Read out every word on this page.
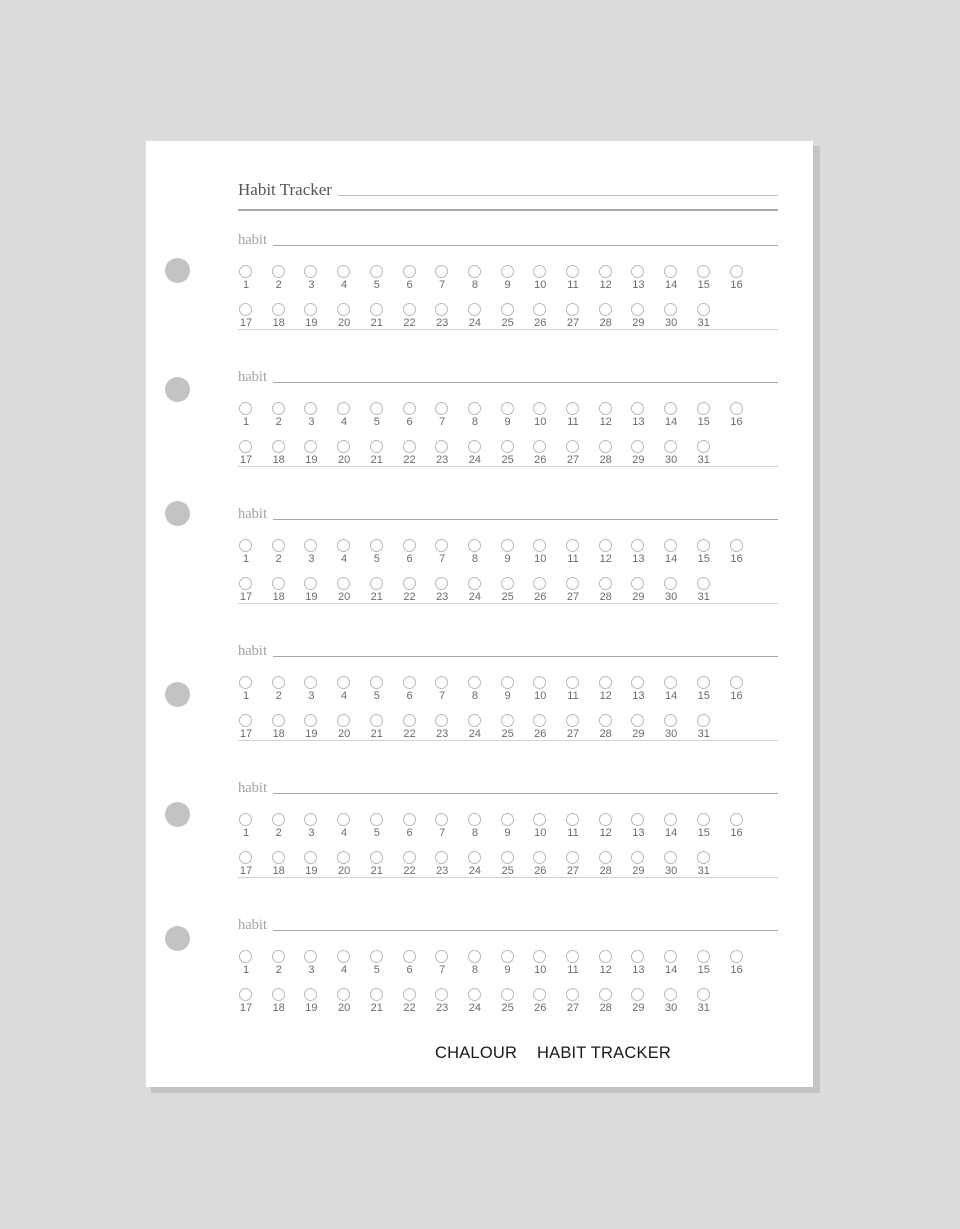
Habit Tracker
habit
1	2	3	4	5	6	7	8	9	10	11	12	13	14	15	16
17	18	19	20	21	22	23	24	25	26	27	28	29	30	31
habit
1	2	3	4	5	6	7	8	9	10	11	12	13	14	15	16
17	18	19	20	21	22	23	24	25	26	27	28	29	30	31
habit
1	2	3	4	5	6	7	8	9	10	11	12	13	14	15	16
17	18	19	20	21	22	23	24	25	26	27	28	29	30	31
habit
1	2	3	4	5	6	7	8	9	10	11	12	13	14	15	16
17	18	19	20	21	22	23	24	25	26	27	28	29	30	31
habit
1	2	3	4	5	6	7	8	9	10	11	12	13	14	15	16
17	18	19	20	21	22	23	24	25	26	27	28	29	30	31
habit
1	2	3	4	5	6	7	8	9	10	11	12	13	14	15	16
17	18	19	20	21	22	23	24	25	26	27	28	29	30	31
CHALOUR HABIT TRACKER
